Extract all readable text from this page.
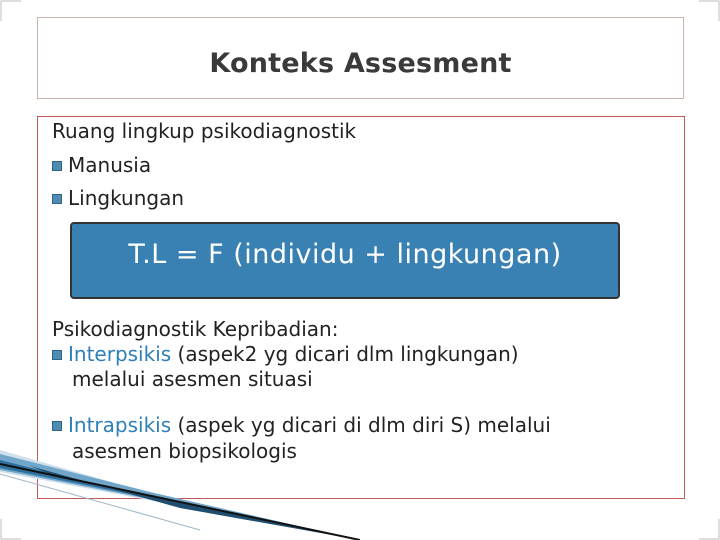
Konteks Assesment
Ruang lingkup psikodiagnostik
Manusia
Lingkungan
T.L = F (individu + lingkungan)
Psikodiagnostik Kepribadian:
Interpsikis (aspek2 yg dicari dlm lingkungan)
melalui asesmen situasi
Intrapsikis (aspek yg dicari di dlm diri S) melalui
asesmen biopsikologis
